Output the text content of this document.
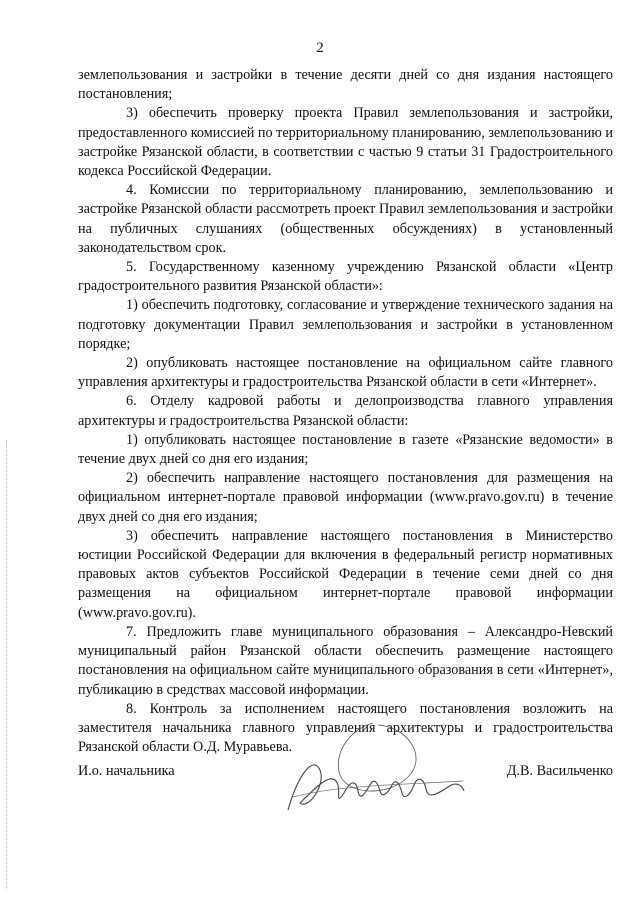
2

землепользования и застройки в течение десяти дней со дня издания настоящего постановления;

3) обеспечить проверку проекта Правил землепользования и застройки, предоставленного комиссией по территориальному планированию, землепользованию и застройке Рязанской области, в соответствии с частью 9 статьи 31 Градостроительного кодекса Российской Федерации.

4. Комиссии по территориальному планированию, землепользованию и застройке Рязанской области рассмотреть проект Правил землепользования и застройки на публичных слушаниях (общественных обсуждениях) в установленный законодательством срок.

5. Государственному казенному учреждению Рязанской области «Центр градостроительного развития Рязанской области»:

1) обеспечить подготовку, согласование и утверждение технического задания на подготовку документации Правил землепользования и застройки в установленном порядке;

2) опубликовать настоящее постановление на официальном сайте главного управления архитектуры и градостроительства Рязанской области в сети «Интернет».

6. Отделу кадровой работы и делопроизводства главного управления архитектуры и градостроительства Рязанской области:

1) опубликовать настоящее постановление в газете «Рязанские ведомости» в течение двух дней со дня его издания;

2) обеспечить направление настоящего постановления для размещения на официальном интернет-портале правовой информации (www.pravo.gov.ru) в течение двух дней со дня его издания;

3) обеспечить направление настоящего постановления в Министерство юстиции Российской Федерации для включения в федеральный регистр нормативных правовых актов субъектов Российской Федерации в течение семи дней со дня размещения на официальном интернет-портале правовой информации (www.pravo.gov.ru).

7. Предложить главе муниципального образования – Александро-Невский муниципальный район Рязанской области обеспечить размещение настоящего постановления на официальном сайте муниципального образования в сети «Интернет», публикацию в средствах массовой информации.

8. Контроль за исполнением настоящего постановления возложить на заместителя начальника главного управления архитектуры и градостроительства Рязанской области О.Д. Муравьева.

И.о. начальника	Д.В. Васильченко
